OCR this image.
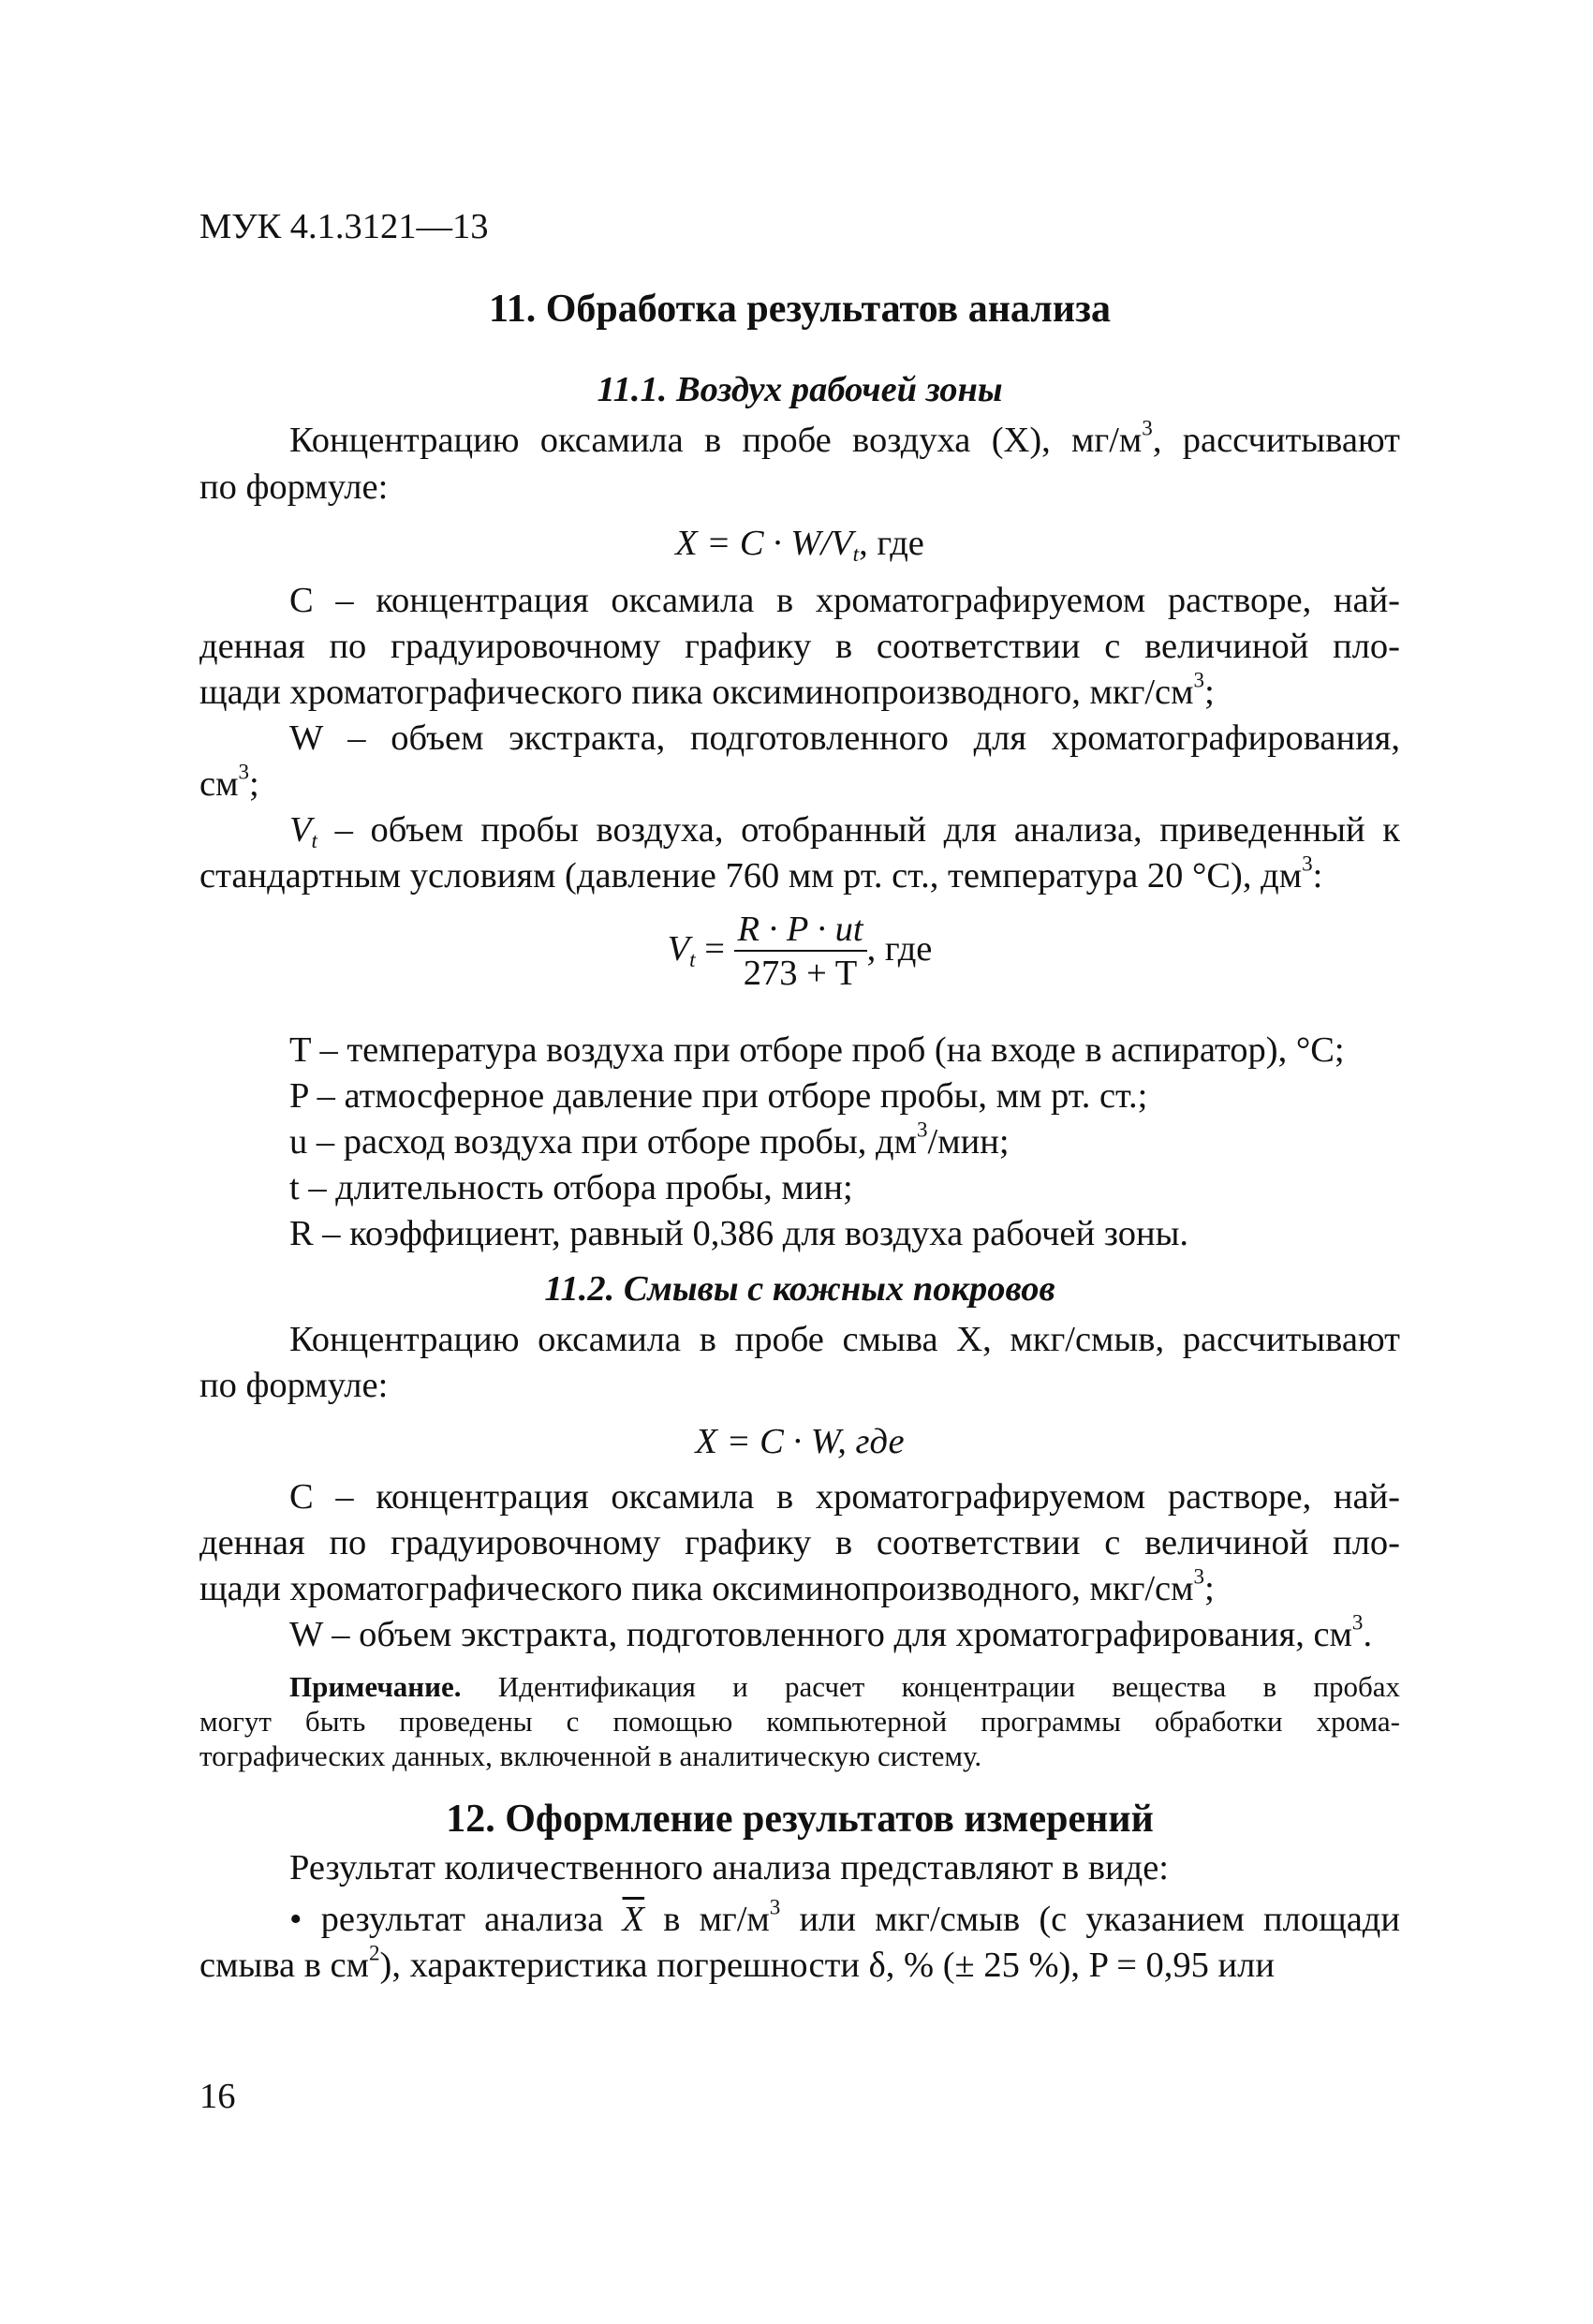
МУК 4.1.3121—13
11. Обработка результатов анализа
11.1. Воздух рабочей зоны
Концентрацию оксамила в пробе воздуха (X), $мг/м^3$, рассчитывают
по формуле:
$X = C \cdot W/V_t$, где
C – концентрация оксамила в хроматографируемом растворе, най-
денная по градуировочному графику в соответствии с величиной пло-
щади хроматографического пика оксиминопроизводного, мкг/$см^3$;
W – объем экстракта, подготовленного для хроматографирования,
$см^3$;
$V_t$ – объем пробы воздуха, отобранный для анализа, приведенный к
стандартным условиям (давление 760 мм рт. ст., температура 20 °С), $дм^3$:
$V_t = \frac{R \cdot P \cdot ut}{273 + T}$ , где
T – температура воздуха при отборе проб (на входе в аспиратор), °С;
P – атмосферное давление при отборе пробы, мм рт. ст.;
u – расход воздуха при отборе пробы, $дм^3$/мин;
t – длительность отбора пробы, мин;
R – коэффициент, равный 0,386 для воздуха рабочей зоны.
11.2. Смывы с кожных покровов
Концентрацию оксамила в пробе смыва X, мкг/смыв, рассчитывают
по формуле:
X = C · W, где
C – концентрация оксамила в хроматографируемом растворе, най-
денная по градуировочному графику в соответствии с величиной пло-
щади хроматографического пика оксиминопроизводного, мкг/$см^3$;
W – объем экстракта, подготовленного для хроматографирования, $см^3$.
Примечание. Идентификация и расчет концентрации вещества в пробах
могут быть проведены с помощью компьютерной программы обработки хрома-
тографических данных, включенной в аналитическую систему.
12. Оформление результатов измерений
Результат количественного анализа представляют в виде:
• результат анализа $\overline{X}$ в $мг/м^3$ или мкг/смыв (с указанием площади
смыва в $см^2$), характеристика погрешности δ, % (± 25 %), P = 0,95 или
16
